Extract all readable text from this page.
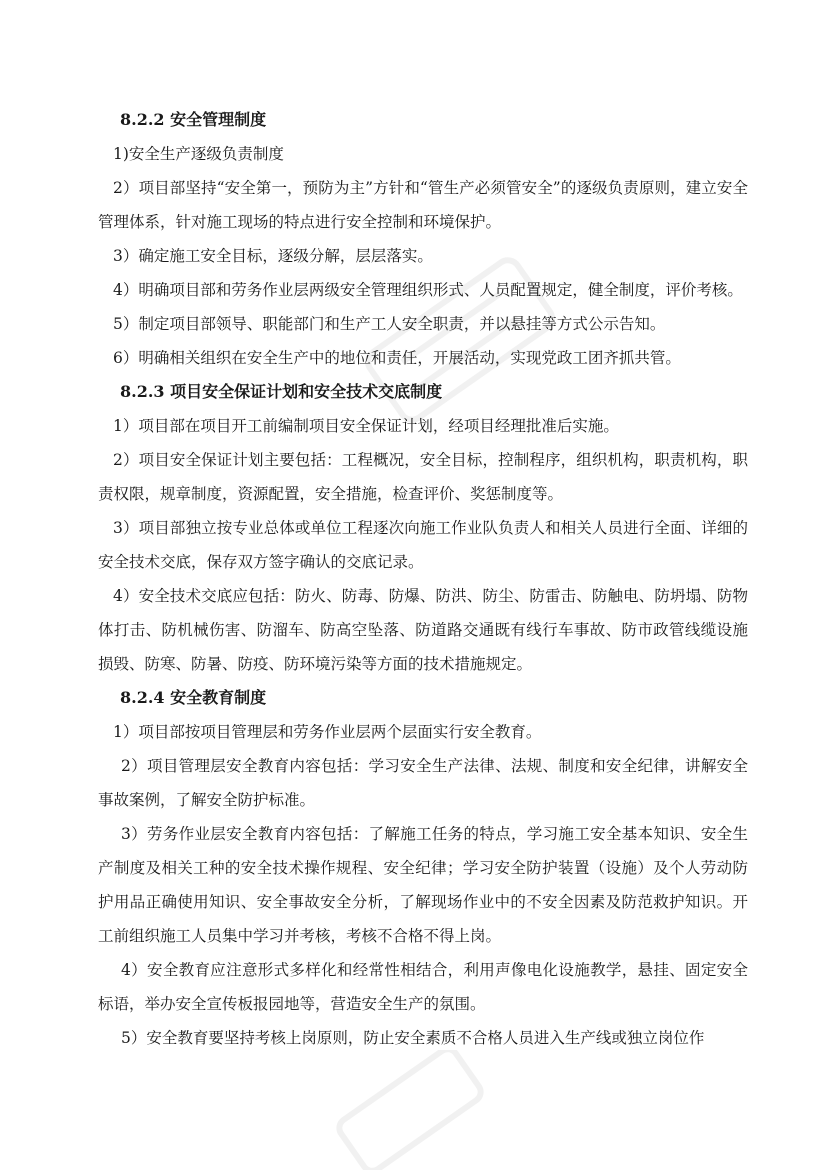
8.2.2 安全管理制度

1)安全生产逐级负责制度

2）项目部坚持“安全第一，预防为主”方针和“管生产必须管安全”的逐级负责原则，建立安全管理体系，针对施工现场的特点进行安全控制和环境保护。

3）确定施工安全目标，逐级分解，层层落实。

4）明确项目部和劳务作业层两级安全管理组织形式、人员配置规定，健全制度，评价考核。

5）制定项目部领导、职能部门和生产工人安全职责，并以悬挂等方式公示告知。

6）明确相关组织在安全生产中的地位和责任，开展活动，实现党政工团齐抓共管。

8.2.3 项目安全保证计划和安全技术交底制度

1）项目部在项目开工前编制项目安全保证计划，经项目经理批准后实施。

2）项目安全保证计划主要包括：工程概况，安全目标，控制程序，组织机构，职责机构，职责权限，规章制度，资源配置，安全措施，检查评价、奖惩制度等。

3）项目部独立按专业总体或单位工程逐次向施工作业队负责人和相关人员进行全面、详细的安全技术交底，保存双方签字确认的交底记录。

4）安全技术交底应包括：防火、防毒、防爆、防洪、防尘、防雷击、防触电、防坍塌、防物体打击、防机械伤害、防溜车、防高空坠落、防道路交通既有线行车事故、防市政管线缆设施损毁、防寒、防暑、防疫、防环境污染等方面的技术措施规定。

8.2.4 安全教育制度

1）项目部按项目管理层和劳务作业层两个层面实行安全教育。

2）项目管理层安全教育内容包括：学习安全生产法律、法规、制度和安全纪律，讲解安全事故案例，了解安全防护标准。

3）劳务作业层安全教育内容包括：了解施工任务的特点，学习施工安全基本知识、安全生产制度及相关工种的安全技术操作规程、安全纪律；学习安全防护装置（设施）及个人劳动防护用品正确使用知识、安全事故安全分析，了解现场作业中的不安全因素及防范救护知识。开工前组织施工人员集中学习并考核，考核不合格不得上岗。

4）安全教育应注意形式多样化和经常性相结合，利用声像电化设施教学，悬挂、固定安全标语，举办安全宣传板报园地等，营造安全生产的氛围。

5）安全教育要坚持考核上岗原则，防止安全素质不合格人员进入生产线或独立岗位作
